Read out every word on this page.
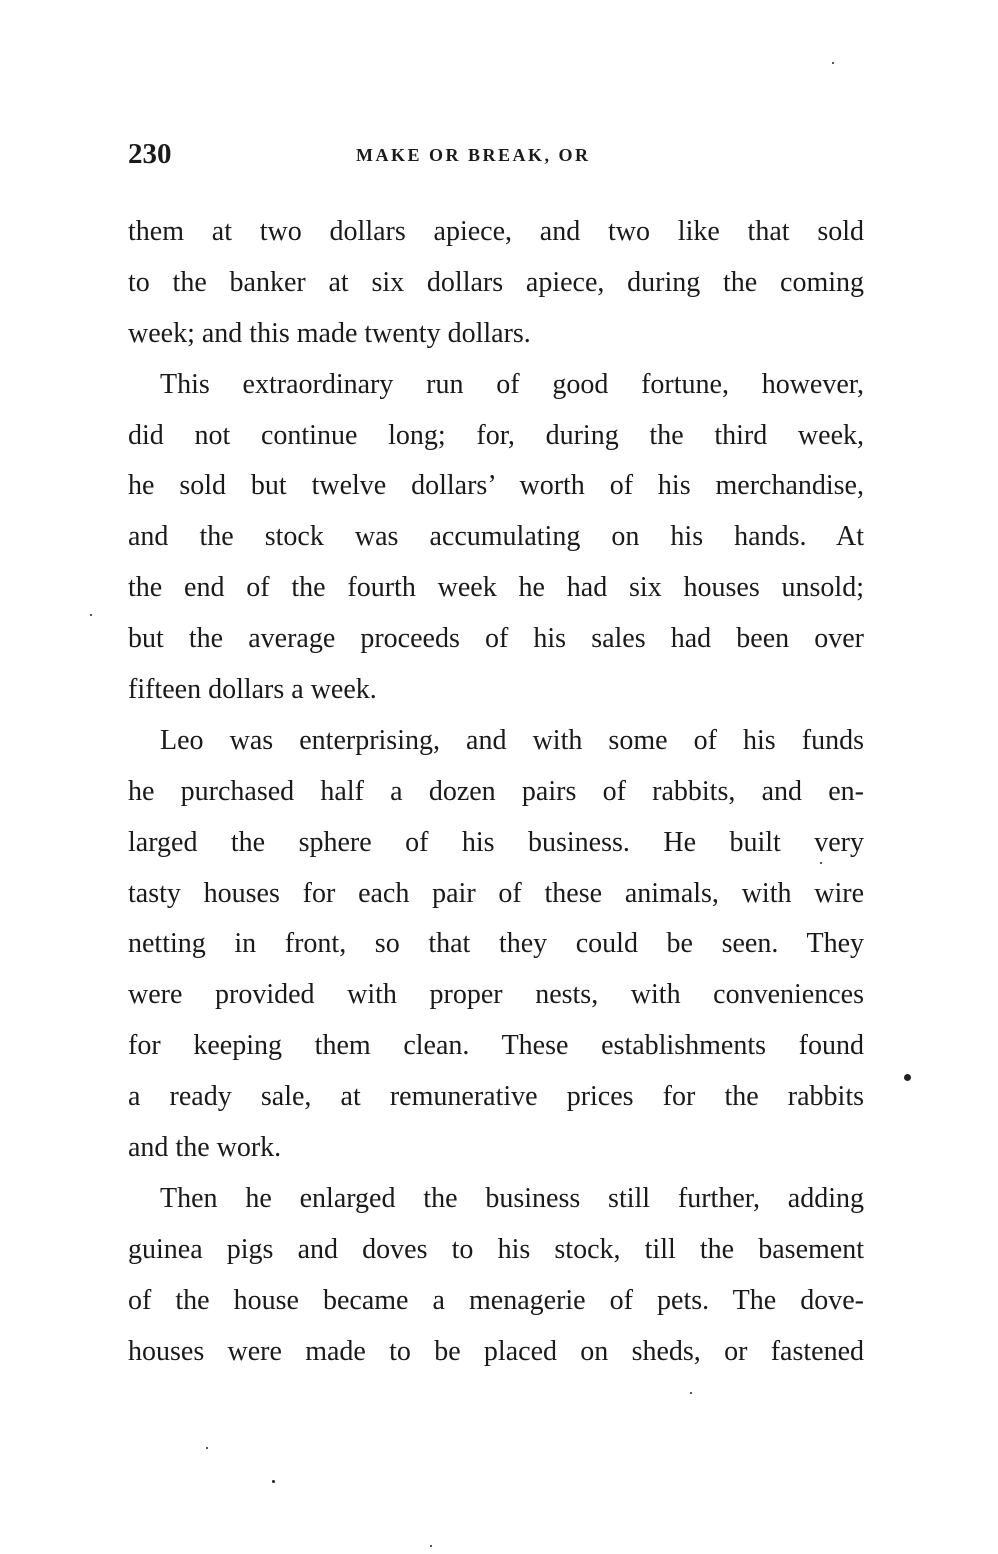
230	MAKE OR BREAK, OR
them at two dollars apiece, and two like that sold
to the banker at six dollars apiece, during the coming
week; and this made twenty dollars.
This extraordinary run of good fortune, however,
did not continue long; for, during the third week,
he sold but twelve dollars’ worth of his merchandise,
and the stock was accumulating on his hands. At
the end of the fourth week he had six houses unsold;
but the average proceeds of his sales had been over
fifteen dollars a week.
Leo was enterprising, and with some of his funds
he purchased half a dozen pairs of rabbits, and en-
larged the sphere of his business. He built very
tasty houses for each pair of these animals, with wire
netting in front, so that they could be seen. They
were provided with proper nests, with conveniences
for keeping them clean. These establishments found
a ready sale, at remunerative prices for the rabbits
and the work.
Then he enlarged the business still further, adding
guinea pigs and doves to his stock, till the basement
of the house became a menagerie of pets. The dove-
houses were made to be placed on sheds, or fastened
